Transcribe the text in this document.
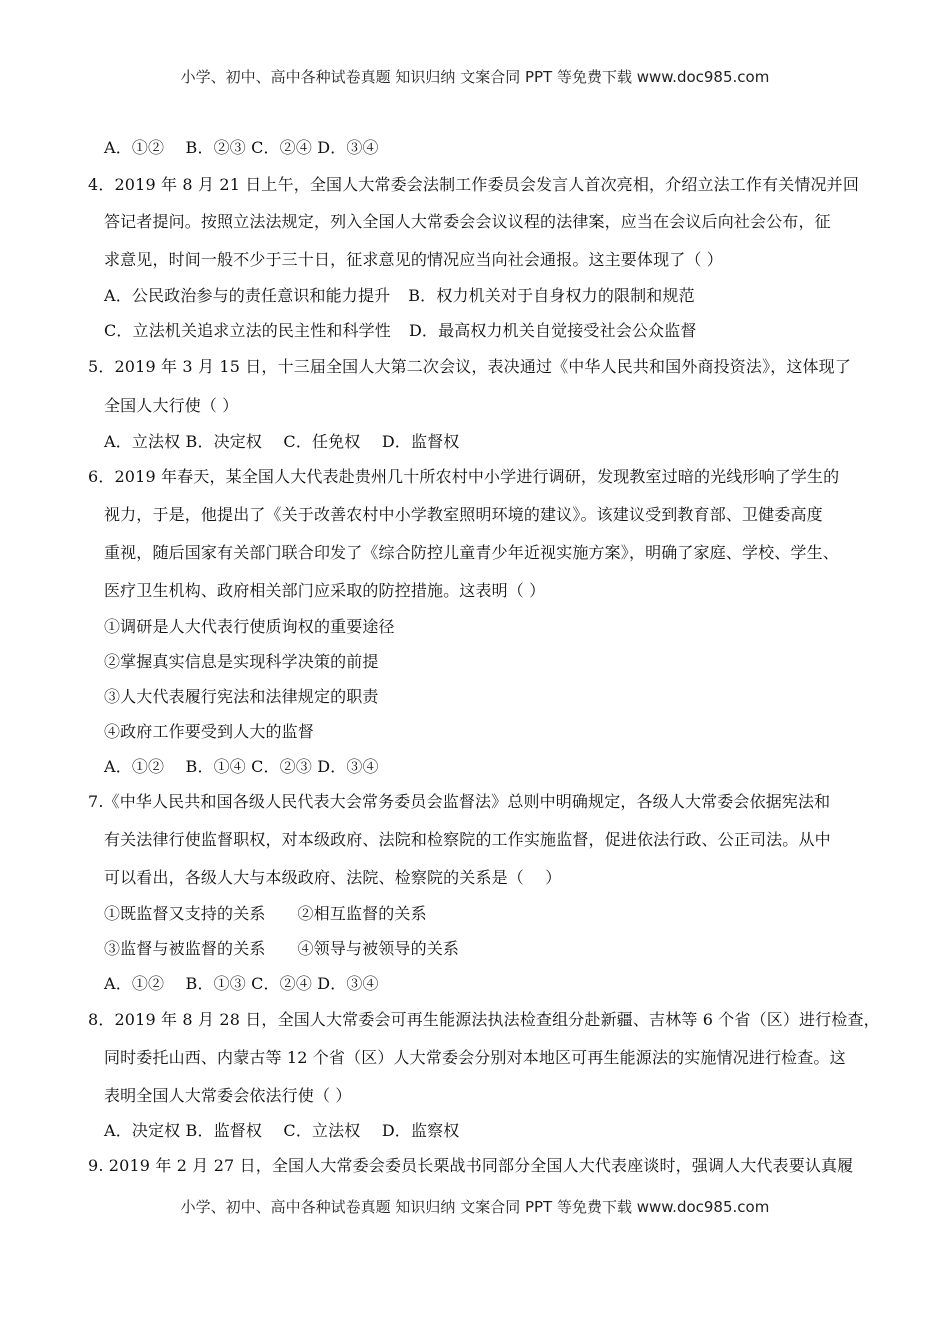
小学、初中、高中各种试卷真题 知识归纳 文案合同 PPT 等免费下载 www.doc985.com
A．①②　 B．②③ C．②④ D．③④
4．2019 年 8 月 21 日上午，全国人大常委会法制工作委员会发言人首次亮相，介绍立法工作有关情况并回
答记者提问。按照立法法规定，列入全国人大常委会会议议程的法律案，应当在会议后向社会公布，征
求意见，时间一般不少于三十日，征求意见的情况应当向社会通报。这主要体现了（ ）
A．公民政治参与的责任意识和能力提升 B．权力机关对于自身权力的限制和规范
C．立法机关追求立法的民主性和科学性 D．最高权力机关自觉接受社会公众监督
5．2019 年 3 月 15 日，十三届全国人大第二次会议，表决通过《中华人民共和国外商投资法》，这体现了
全国人大行使（ ）
A．立法权 B．决定权　 C．任免权　 D．监督权
6．2019 年春天，某全国人大代表赴贵州几十所农村中小学进行调研，发现教室过暗的光线形响了学生的
视力，于是，他提出了《关于改善农村中小学教室照明环境的建议》。该建议受到教育部、卫健委高度
重视，随后国家有关部门联合印发了《综合防控儿童青少年近视实施方案》，明确了家庭、学校、学生、
医疗卫生机构、政府相关部门应采取的防控措施。这表明（ ）
①调研是人大代表行使质询权的重要途径
②掌握真实信息是实现科学决策的前提
③人大代表履行宪法和法律规定的职责
④政府工作要受到人大的监督
A．①②　 B．①④ C．②③ D．③④
7.《中华人民共和国各级人民代表大会常务委员会监督法》总则中明确规定，各级人大常委会依据宪法和
有关法律行使监督职权，对本级政府、法院和检察院的工作实施监督，促进依法行政、公正司法。从中
可以看出，各级人大与本级政府、法院、检察院的关系是（　 ）
①既监督又支持的关系 ②相互监督的关系
③监督与被监督的关系 ④领导与被领导的关系
A．①②　 B．①③ C．②④ D．③④
8．2019 年 8 月 28 日，全国人大常委会可再生能源法执法检查组分赴新疆、吉林等 6 个省（区）进行检查，
同时委托山西、内蒙古等 12 个省（区）人大常委会分别对本地区可再生能源法的实施情况进行检查。这
表明全国人大常委会依法行使（ ）
A．决定权 B．监督权　 C．立法权　 D．监察权
9. 2019 年 2 月 27 日，全国人大常委会委员长栗战书同部分全国人大代表座谈时，强调人大代表要认真履
小学、初中、高中各种试卷真题 知识归纳 文案合同 PPT 等免费下载 www.doc985.com
